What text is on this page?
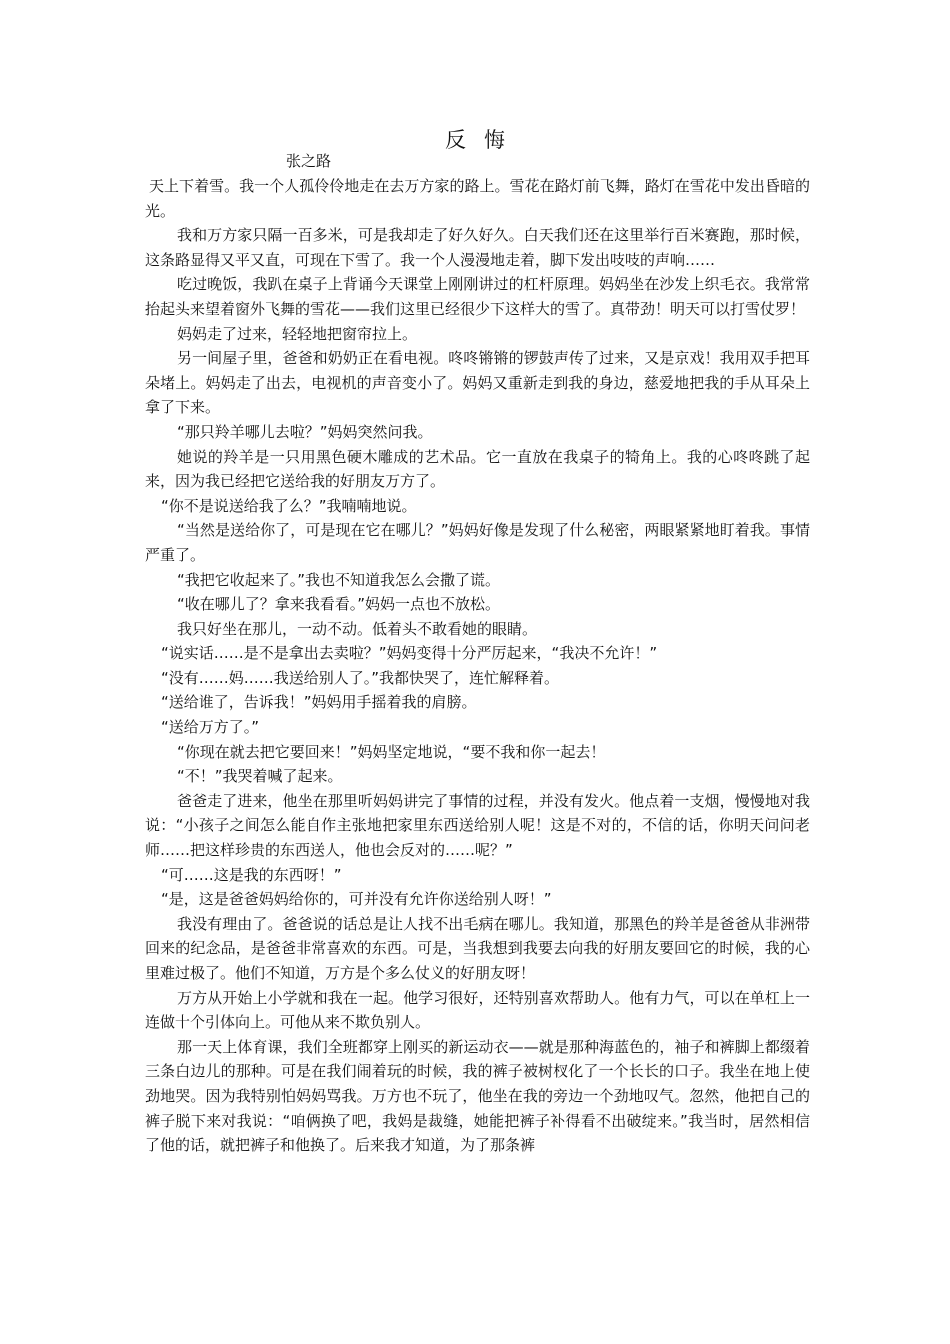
反悔

张之路

天上下着雪。我一个人孤伶伶地走在去万方家的路上。雪花在路灯前飞舞，路灯在雪花中发出昏暗的光。

我和万方家只隔一百多米，可是我却走了好久好久。白天我们还在这里举行百米赛跑，那时候，这条路显得又平又直，可现在下雪了。我一个人漫漫地走着，脚下发出吱吱的声响……

吃过晚饭，我趴在桌子上背诵今天课堂上刚刚讲过的杠杆原理。妈妈坐在沙发上织毛衣。我常常抬起头来望着窗外飞舞的雪花——我们这里已经很少下这样大的雪了。真带劲！明天可以打雪仗罗！

妈妈走了过来，轻轻地把窗帘拉上。

另一间屋子里，爸爸和奶奶正在看电视。咚咚锵锵的锣鼓声传了过来，又是京戏！我用双手把耳朵堵上。妈妈走了出去，电视机的声音变小了。妈妈又重新走到我的身边，慈爱地把我的手从耳朵上拿了下来。

“那只羚羊哪儿去啦？”妈妈突然问我。

她说的羚羊是一只用黑色硬木雕成的艺术品。它一直放在我桌子的犄角上。我的心咚咚跳了起来，因为我已经把它送给我的好朋友万方了。

“你不是说送给我了么？”我喃喃地说。

“当然是送给你了，可是现在它在哪儿？”妈妈好像是发现了什么秘密，两眼紧紧地盯着我。事情严重了。

“我把它收起来了。”我也不知道我怎么会撒了谎。

“收在哪儿了？拿来我看看。”妈妈一点也不放松。

我只好坐在那儿，一动不动。低着头不敢看她的眼睛。

“说实话……是不是拿出去卖啦？”妈妈变得十分严厉起来，“我决不允许！”

“没有……妈……我送给别人了。”我都快哭了，连忙解释着。

“送给谁了，告诉我！”妈妈用手摇着我的肩膀。

“送给万方了。”

“你现在就去把它要回来！”妈妈坚定地说，“要不我和你一起去！

“不！”我哭着喊了起来。

爸爸走了进来，他坐在那里听妈妈讲完了事情的过程，并没有发火。他点着一支烟，慢慢地对我说：“小孩子之间怎么能自作主张地把家里东西送给别人呢！这是不对的，不信的话，你明天问问老师……把这样珍贵的东西送人，他也会反对的……呢？”

“可……这是我的东西呀！”

“是，这是爸爸妈妈给你的，可并没有允许你送给别人呀！”

我没有理由了。爸爸说的话总是让人找不出毛病在哪儿。我知道，那黑色的羚羊是爸爸从非洲带回来的纪念品，是爸爸非常喜欢的东西。可是，当我想到我要去向我的好朋友要回它的时候，我的心里难过极了。他们不知道，万方是个多么仗义的好朋友呀！

万方从开始上小学就和我在一起。他学习很好，还特别喜欢帮助人。他有力气，可以在单杠上一连做十个引体向上。可他从来不欺负别人。

那一天上体育课，我们全班都穿上刚买的新运动衣——就是那种海蓝色的，袖子和裤脚上都缀着三条白边儿的那种。可是在我们闹着玩的时候，我的裤子被树杈化了一个长长的口子。我坐在地上使劲地哭。因为我特别怕妈妈骂我。万方也不玩了，他坐在我的旁边一个劲地叹气。忽然，他把自己的裤子脱下来对我说：“咱俩换了吧，我妈是裁缝，她能把裤子补得看不出破绽来。”我当时，居然相信了他的话，就把裤子和他换了。后来我才知道，为了那条裤
